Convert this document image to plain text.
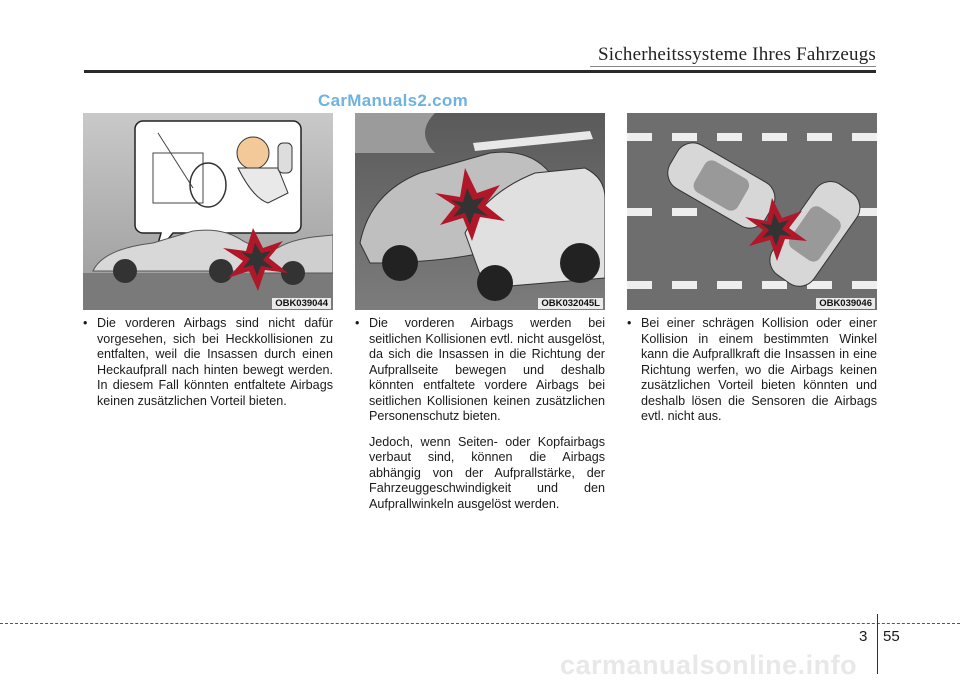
Sicherheitssysteme Ihres Fahrzeugs
CarManuals2.com
OBK039044	OBK032045L	OBK039046

• Die vorderen Airbags sind nicht dafür vorgesehen, sich bei Heckkollisionen zu entfalten, weil die Insassen durch einen Heckaufprall nach hinten bewegt werden. In diesem Fall könnten entfaltete Airbags keinen zusätzlichen Vorteil bieten.

• Die vorderen Airbags werden bei seitlichen Kollisionen evtl. nicht ausgelöst, da sich die Insassen in die Richtung der Aufprallseite bewegen und deshalb könnten entfaltete vordere Airbags bei seitlichen Kollisionen keinen zusätzlichen Personenschutz bieten.

Jedoch, wenn Seiten- oder Kopfairbags verbaut sind, können die Airbags abhängig von der Aufprallstärke, der Fahrzeuggeschwindigkeit und den Aufprallwinkeln ausgelöst werden.

• Bei einer schrägen Kollision oder einer Kollision in einem bestimmten Winkel kann die Aufprallkraft die Insassen in eine Richtung werfen, wo die Airbags keinen zusätzlichen Vorteil bieten könnten und deshalb lösen die Sensoren die Airbags evtl. nicht aus.

3 55
carmanualsonline.info
